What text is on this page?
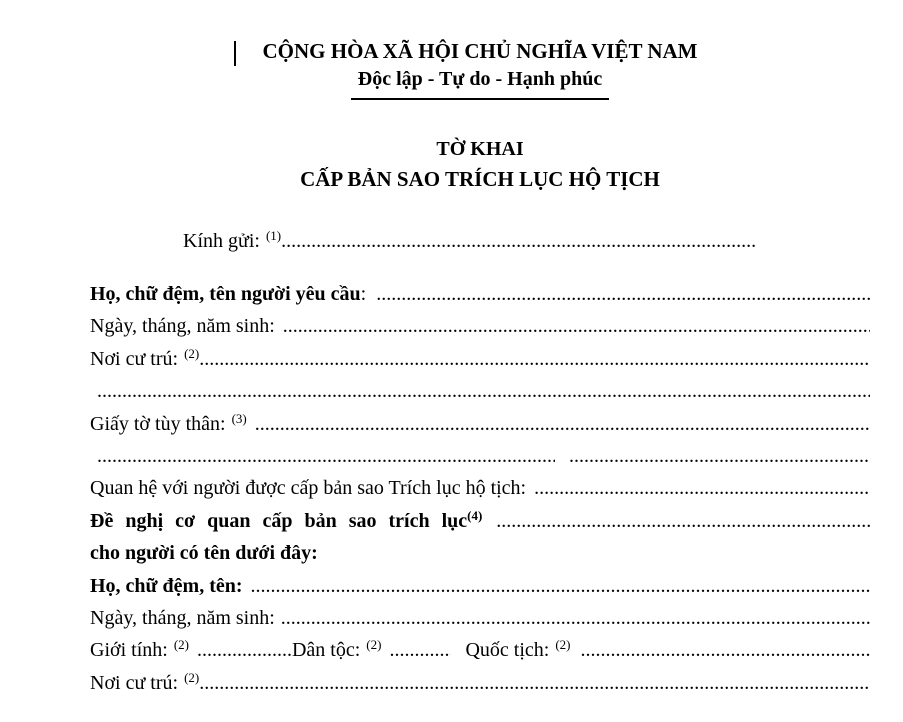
CỘNG HÒA XÃ HỘI CHỦ NGHĨA VIỆT NAM
Độc lập - Tự do - Hạnh phúc
TỜ KHAI
CẤP BẢN SAO TRÍCH LỤC HỘ TỊCH
Kính gửi: $^{(1)}$
.....
Họ, chữ đệm, tên người yêu cầu :
.....
Ngày, tháng, năm sinh:
.....
Nơi cư trú: $^{(2)}$
.....
.....
Giấy tờ tùy thân: $^{(3)}$
.....
.....
.....
Quan hệ với người được cấp bản sao Trích lục hộ tịch:
.....
Đề nghị cơ quan cấp bản sao trích lục$^{(4)}$
.....
cho người có tên dưới đây:
Họ, chữ đệm, tên:
.....
Ngày, tháng, năm sinh:
.....
Giới tính: $^{(2)}$ .....	Dân tộc: $^{(2)}$ .....	Quốc tịch: $^{(2)}$
.....
Nơi cư trú: $^{(2)}$
.....
